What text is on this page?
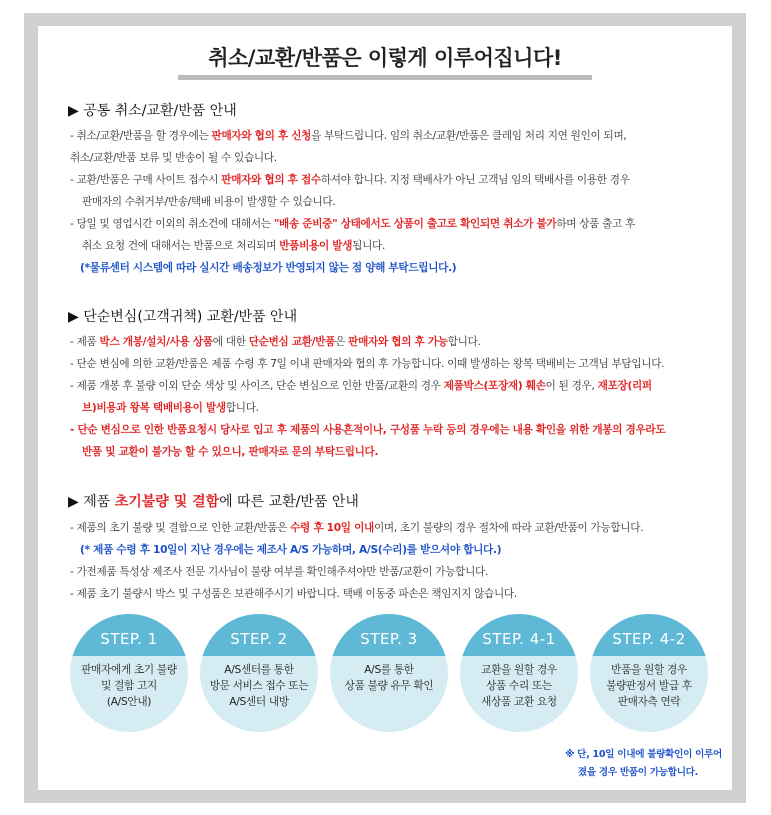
취소/교환/반품은 이렇게 이루어집니다!
▶ 공통 취소/교환/반품 안내
- 취소/교환/반품을 할 경우에는 판매자와 협의 후 신청을 부탁드립니다. 임의 취소/교환/반품은 클레임 처리 지연 원인이 되며,
취소/교환/반품 보류 및 반송이 될 수 있습니다.
- 교환/반품은 구매 사이트 접수시 판매자와 협의 후 접수하셔야 합니다. 지정 택배사가 아닌 고객님 임의 택배사를 이용한 경우
판매자의 수취거부/반송/택배 비용이 발생할 수 있습니다.
- 당일 및 영업시간 이외의 취소건에 대해서는 "배송 준비중" 상태에서도 상품이 출고로 확인되면 취소가 불가하며 상품 출고 후
취소 요청 건에 대해서는 반품으로 처리되며 반품비용이 발생됩니다.
(*물류센터 시스템에 따라 실시간 배송정보가 반영되지 않는 점 양해 부탁드립니다.)
▶ 단순변심(고객귀책) 교환/반품 안내
- 제품 박스 개봉/설치/사용 상품에 대한 단순변심 교환/반품은 판매자와 협의 후 가능합니다.
- 단순 변심에 의한 교환/반품은 제품 수령 후 7일 이내 판매자와 협의 후 가능합니다. 이때 발생하는 왕복 택배비는 고객님 부담입니다.
- 제품 개봉 후 불량 이외 단순 색상 및 사이즈, 단순 변심으로 인한 반품/교환의 경우 제품박스(포장재) 훼손이 된 경우, 재포장(리퍼
브)비용과 왕복 택배비용이 발생합니다.
- 단순 변심으로 인한 반품요청시 당사로 입고 후 제품의 사용흔적이나, 구성품 누락 등의 경우에는 내용 확인을 위한 개봉의 경우라도
반품 및 교환이 불가능 할 수 있으니, 판매자로 문의 부탁드립니다.
▶ 제품 초기불량 및 결함에 따른 교환/반품 안내
- 제품의 초기 불량 및 결함으로 인한 교환/반품은 수령 후 10일 이내이며, 초기 불량의 경우 절차에 따라 교환/반품이 가능합니다.
(* 제품 수령 후 10일이 지난 경우에는 제조사 A/S 가능하며, A/S(수리)를 받으셔야 합니다.)
- 가전제품 특성상 제조사 전문 기사님이 불량 여부를 확인해주셔야만 반품/교환이 가능합니다.
- 제품 초기 불량시 박스 및 구성품은 보관해주시기 바랍니다. 택배 이동중 파손은 책임지지 않습니다.
STEP. 1
판매자에게 초기 불량
및 결함 고지
(A/S안내)
STEP. 2
A/S센터를 통한
방문 서비스 접수 또는
A/S센터 내방
STEP. 3
A/S를 통한
상품 불량 유무 확인
STEP. 4-1
교환을 원할 경우
상품 수리 또는
새상품 교환 요청
STEP. 4-2
반품을 원할 경우
불량판정서 발급 후
판매자측 연락
※ 단, 10일 이내에 불량확인이 이루어
졌을 경우 반품이 가능합니다.
